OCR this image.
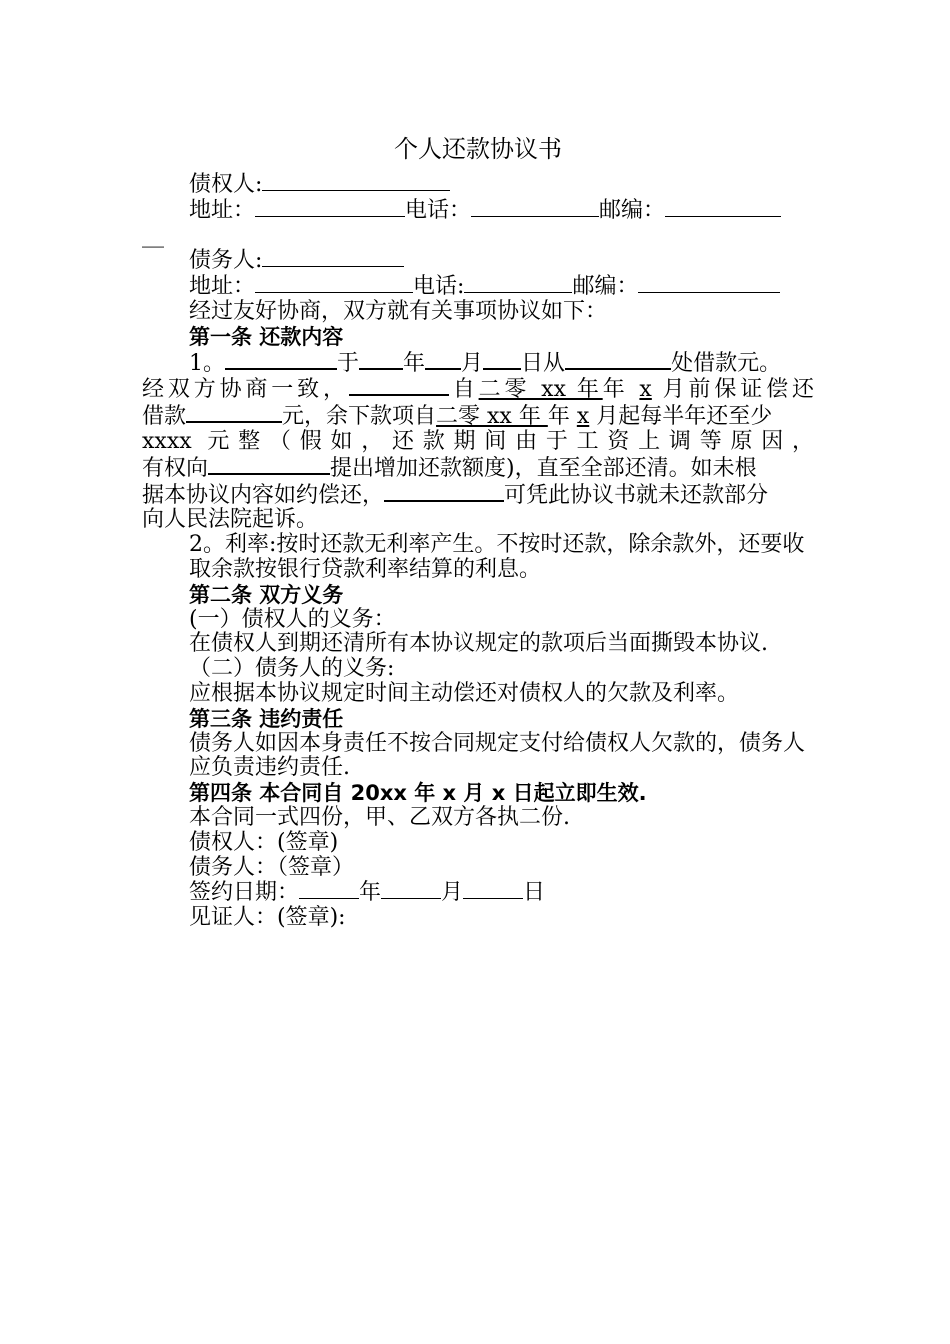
个人还款协议书
债权人:
地址：	电话：	邮编：
__
债务人:
地址：	电话:	邮编：
经过友好协商，双方就有关事项协议如下：
第一条 还款内容
1。	于 年 月 日从	处借款元。
经双方协商一致，	自二零 xx 年年 x 月前保证偿还
借款	元，余下款项自二零 xx 年 年 x 月起每半年还至少
xxxx 元整（假如，还款期间由于工资上调等原因，
有权向	提出增加还款额度)，直至全部还清。如未根
据本协议内容如约偿还，	可凭此协议书就未还款部分
向人民法院起诉。
2。利率:按时还款无利率产生。不按时还款，除余款外，还要收取余款按银行贷款利率结算的利息。
第二条 双方义务
(一）债权人的义务：
在债权人到期还清所有本协议规定的款项后当面撕毁本协议.
（二）债务人的义务:
应根据本协议规定时间主动偿还对债权人的欠款及利率。
第三条 违约责任
债务人如因本身责任不按合同规定支付给债权人欠款的，债务人应负责违约责任.
第四条 本合同自 20xx 年 x 月 x 日起立即生效.
本合同一式四份，甲、乙双方各执二份.
债权人：(签章)
债务人：（签章）
签约日期：	年	月	日
见证人：(签章):
